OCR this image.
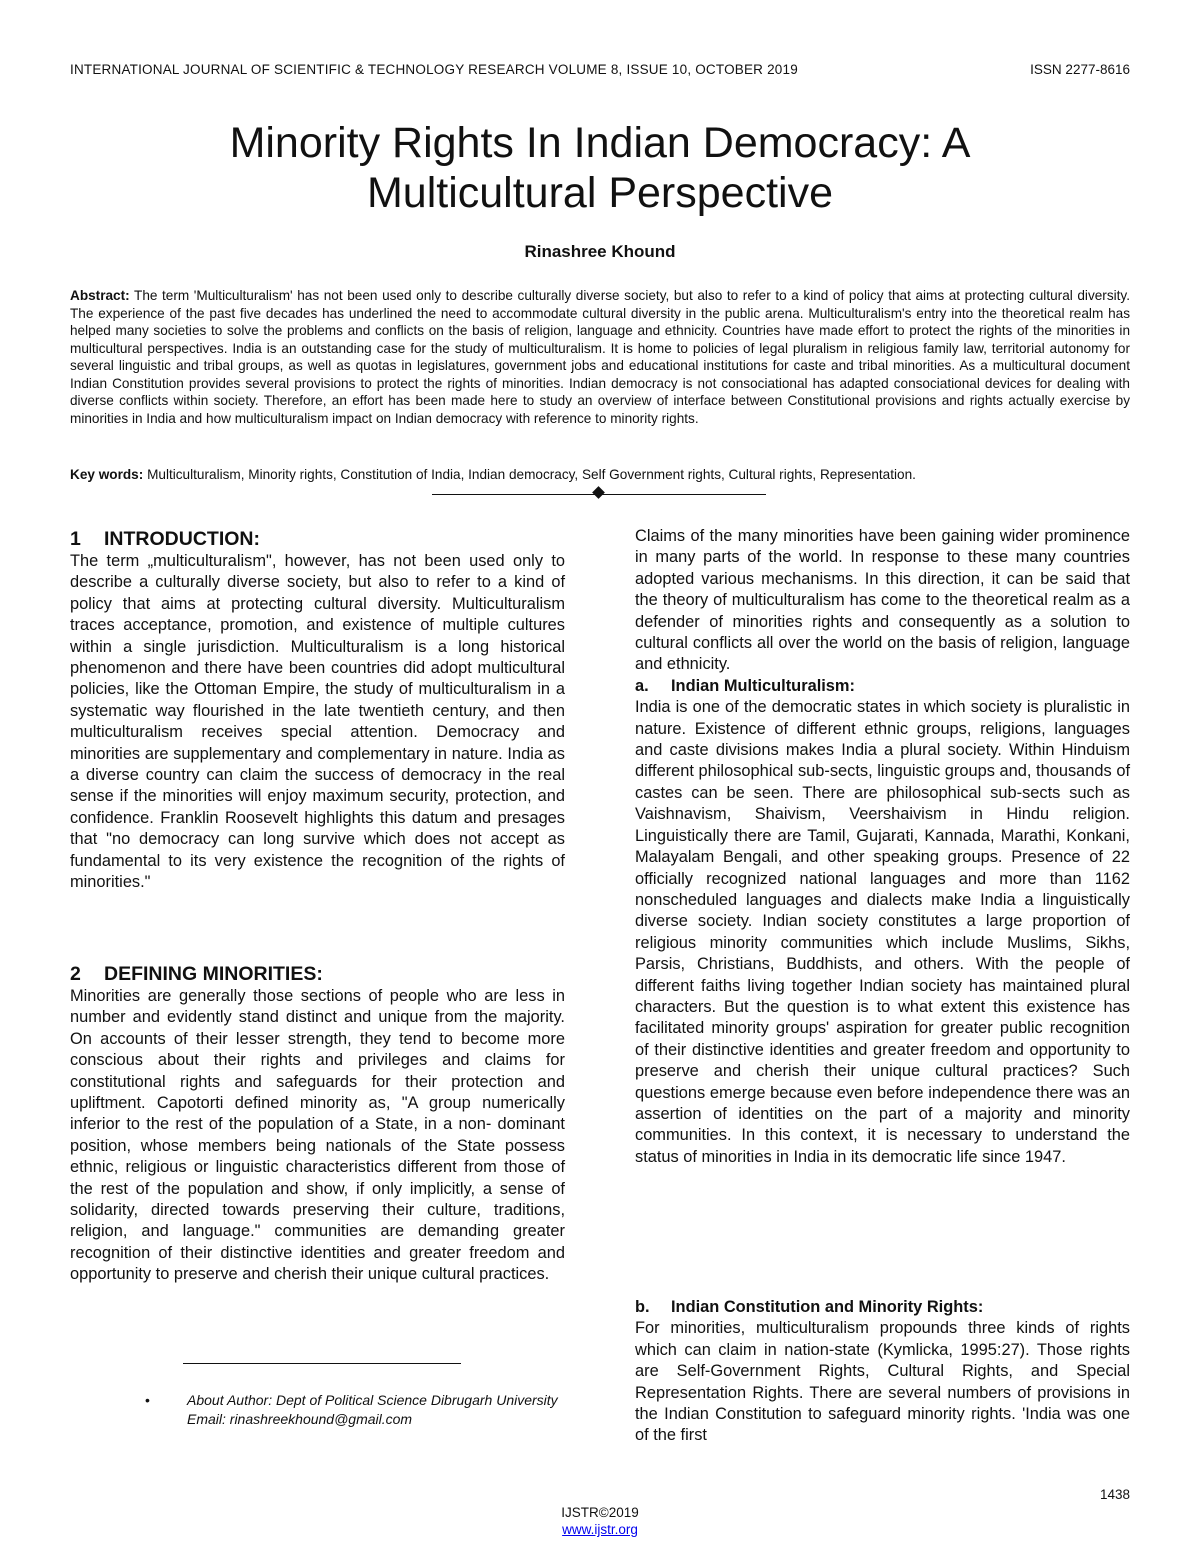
INTERNATIONAL JOURNAL OF SCIENTIFIC & TECHNOLOGY RESEARCH VOLUME 8, ISSUE 10, OCTOBER 2019	ISSN 2277-8616
Minority Rights In Indian Democracy: A
Multicultural Perspective
Rinashree Khound
Abstract: The term 'Multiculturalism' has not been used only to describe culturally diverse society, but also to refer to a kind of policy that aims at protecting cultural diversity. The experience of the past five decades has underlined the need to accommodate cultural diversity in the public arena. Multiculturalism's entry into the theoretical realm has helped many societies to solve the problems and conflicts on the basis of religion, language and ethnicity. Countries have made effort to protect the rights of the minorities in multicultural perspectives. India is an outstanding case for the study of multiculturalism. It is home to policies of legal pluralism in religious family law, territorial autonomy for several linguistic and tribal groups, as well as quotas in legislatures, government jobs and educational institutions for caste and tribal minorities. As a multicultural document Indian Constitution provides several provisions to protect the rights of minorities. Indian democracy is not consociational has adapted consociational devices for dealing with diverse conflicts within society. Therefore, an effort has been made here to study an overview of interface between Constitutional provisions and rights actually exercise by minorities in India and how multiculturalism impact on Indian democracy with reference to minority rights.
Key words: Multiculturalism, Minority rights, Constitution of India, Indian democracy, Self Government rights, Cultural rights, Representation.
1 INTRODUCTION:

The term „multiculturalism", however, has not been used only to describe a culturally diverse society, but also to refer to a kind of policy that aims at protecting cultural diversity. Multiculturalism traces acceptance, promotion, and existence of multiple cultures within a single jurisdiction. Multiculturalism is a long historical phenomenon and there have been countries did adopt multicultural policies, like the Ottoman Empire, the study of multiculturalism in a systematic way flourished in the late twentieth century, and then multiculturalism receives special attention. Democracy and minorities are supplementary and complementary in nature. India as a diverse country can claim the success of democracy in the real sense if the minorities will enjoy maximum security, protection, and confidence. Franklin Roosevelt highlights this datum and presages that "no democracy can long survive which does not accept as fundamental to its very existence the recognition of the rights of minorities."

2 DEFINING MINORITIES:

Minorities are generally those sections of people who are less in number and evidently stand distinct and unique from the majority. On accounts of their lesser strength, they tend to become more conscious about their rights and privileges and claims for constitutional rights and safeguards for their protection and upliftment. Capotorti defined minority as, "A group numerically inferior to the rest of the population of a State, in a non- dominant position, whose members being nationals of the State possess ethnic, religious or linguistic characteristics different from those of the rest of the population and show, if only implicitly, a sense of solidarity, directed towards preserving their culture, traditions, religion, and language." communities are demanding greater recognition of their distinctive identities and greater freedom and opportunity to preserve and cherish their unique cultural practices.

•	About Author: Dept of Political Science Dibrugarh University Email: rinashreekhound@gmail.com

Claims of the many minorities have been gaining wider prominence in many parts of the world. In response to these many countries adopted various mechanisms. In this direction, it can be said that the theory of multiculturalism has come to the theoretical realm as a defender of minorities rights and consequently as a solution to cultural conflicts all over the world on the basis of religion, language and ethnicity.

a. Indian Multiculturalism:

India is one of the democratic states in which society is pluralistic in nature. Existence of different ethnic groups, religions, languages and caste divisions makes India a plural society. Within Hinduism different philosophical sub-sects, linguistic groups and, thousands of castes can be seen. There are philosophical sub-sects such as Vaishnavism, Shaivism, Veershaivism in Hindu religion. Linguistically there are Tamil, Gujarati, Kannada, Marathi, Konkani, Malayalam Bengali, and other speaking groups. Presence of 22 officially recognized national languages and more than 1162 nonscheduled languages and dialects make India a linguistically diverse society. Indian society constitutes a large proportion of religious minority communities which include Muslims, Sikhs, Parsis, Christians, Buddhists, and others. With the people of different faiths living together Indian society has maintained plural characters. But the question is to what extent this existence has facilitated minority groups' aspiration for greater public recognition of their distinctive identities and greater freedom and opportunity to preserve and cherish their unique cultural practices? Such questions emerge because even before independence there was an assertion of identities on the part of a majority and minority communities. In this context, it is necessary to understand the status of minorities in India in its democratic life since 1947.

b. Indian Constitution and Minority Rights:

For minorities, multiculturalism propounds three kinds of rights which can claim in nation-state (Kymlicka, 1995:27). Those rights are Self-Government Rights, Cultural Rights, and Special Representation Rights. There are several numbers of provisions in the Indian Constitution to safeguard minority rights. 'India was one of the first

1438
IJSTR©2019
www.ijstr.org
